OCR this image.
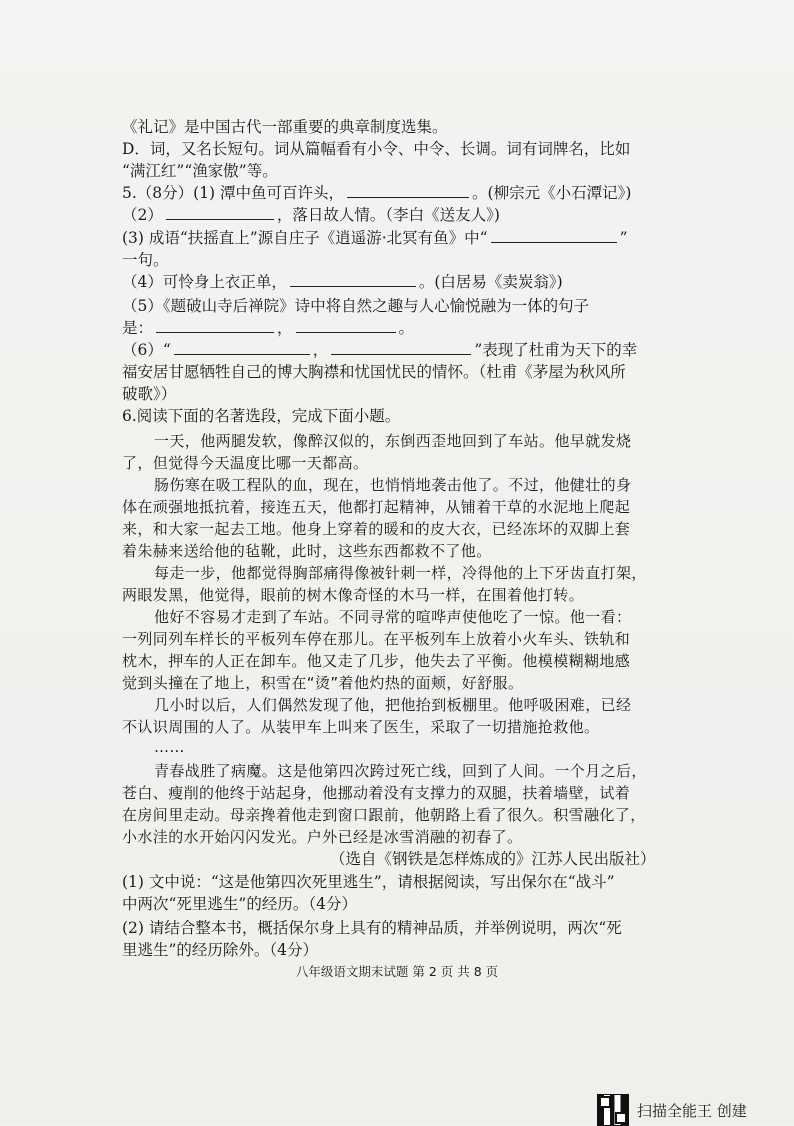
《礼记》是中国古代一部重要的典章制度选集。
D．词，又名长短句。词从篇幅看有小令、中令、长调。词有词牌名，比如
“满江红”“渔家傲”等。
5.（8分）(1) 潭中鱼可百许头，	。(柳宗元《小石潭记》)
（2）	，落日故人情。（李白《送友人》)
(3) 成语“扶摇直上”源自庄子《逍遥游·北冥有鱼》中“	”
一句。
（4）可怜身上衣正单，	。(白居易《卖炭翁》)
（5）《题破山寺后禅院》诗中将自然之趣与人心愉悦融为一体的句子
是：	，	。
（6）“	，	”表现了杜甫为天下的幸
福安居甘愿牺牲自己的博大胸襟和忧国忧民的情怀。（杜甫《茅屋为秋风所
破歌》）
6.阅读下面的名著选段，完成下面小题。
一天，他两腿发软，像醉汉似的，东倒西歪地回到了车站。他早就发烧
了，但觉得今天温度比哪一天都高。
肠伤寒在吸工程队的血，现在，也悄悄地袭击他了。不过，他健壮的身
体在顽强地抵抗着，接连五天，他都打起精神，从铺着干草的水泥地上爬起
来，和大家一起去工地。他身上穿着的暖和的皮大衣，已经冻坏的双脚上套
着朱赫来送给他的毡靴，此时，这些东西都救不了他。
每走一步，他都觉得胸部痛得像被针刺一样，冷得他的上下牙齿直打架，
两眼发黑，他觉得，眼前的树木像奇怪的木马一样，在围着他打转。
他好不容易才走到了车站。不同寻常的喧哗声使他吃了一惊。他一看：
一列同列车样长的平板列车停在那儿。在平板列车上放着小火车头、铁轨和
枕木，押车的人正在卸车。他又走了几步，他失去了平衡。他模模糊糊地感
觉到头撞在了地上，积雪在“烫”着他灼热的面颊，好舒服。
几小时以后，人们偶然发现了他，把他抬到板棚里。他呼吸困难，已经
不认识周围的人了。从装甲车上叫来了医生，采取了一切措施抢救他。
……
青春战胜了病魔。这是他第四次跨过死亡线，回到了人间。一个月之后，
苍白、瘦削的他终于站起身，他挪动着没有支撑力的双腿，扶着墙壁，试着
在房间里走动。母亲搀着他走到窗口跟前，他朝路上看了很久。积雪融化了，
小水洼的水开始闪闪发光。户外已经是冰雪消融的初春了。
（选自《钢铁是怎样炼成的》江苏人民出版社）
(1) 文中说：“这是他第四次死里逃生”，请根据阅读，写出保尔在“战斗”
中两次“死里逃生”的经历。（4分）
(2) 请结合整本书，概括保尔身上具有的精神品质，并举例说明，两次“死
里逃生”的经历除外。（4分）
八年级语文期末试题 第 2 页 共 8 页
扫描全能王 创建
